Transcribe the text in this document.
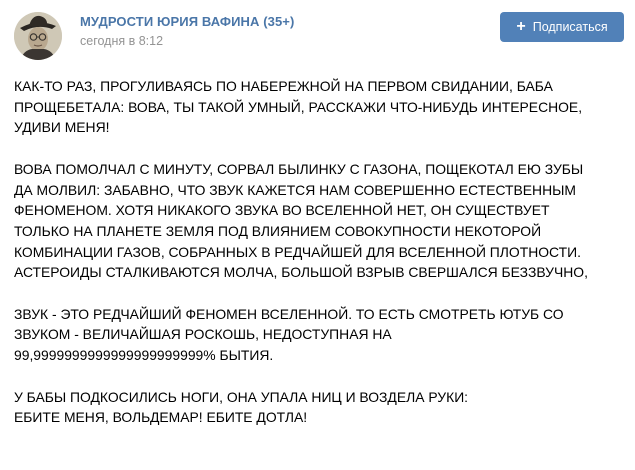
МУДРОСТИ ЮРИЯ ВАФИНА (35+)
сегодня в 8:12
+ Подписаться
КАК-ТО РАЗ, ПРОГУЛИВАЯСЬ ПО НАБЕРЕЖНОЙ НА ПЕРВОМ СВИДАНИИ, БАБА
ПРОЩЕБЕТАЛА: ВОВА, ТЫ ТАКОЙ УМНЫЙ, РАССКАЖИ ЧТО-НИБУДЬ ИНТЕРЕСНОЕ,
УДИВИ МЕНЯ!
ВОВА ПОМОЛЧАЛ С МИНУТУ, СОРВАЛ БЫЛИНКУ С ГАЗОНА, ПОЩЕКОТАЛ ЕЮ ЗУБЫ
ДА МОЛВИЛ: ЗАБАВНО, ЧТО ЗВУК КАЖЕТСЯ НАМ СОВЕРШЕННО ЕСТЕСТВЕННЫМ
ФЕНОМЕНОМ. ХОТЯ НИКАКОГО ЗВУКА ВО ВСЕЛЕННОЙ НЕТ, ОН СУЩЕСТВУЕТ
ТОЛЬКО НА ПЛАНЕТЕ ЗЕМЛЯ ПОД ВЛИЯНИЕМ СОВОКУПНОСТИ НЕКОТОРОЙ
КОМБИНАЦИИ ГАЗОВ, СОБРАННЫХ В РЕДЧАЙШЕЙ ДЛЯ ВСЕЛЕННОЙ ПЛОТНОСТИ.
АСТЕРОИДЫ СТАЛКИВАЮТСЯ МОЛЧА, БОЛЬШОЙ ВЗРЫВ СВЕРШАЛСЯ БЕЗЗВУЧНО,
ЗВУК - ЭТО РЕДЧАЙШИЙ ФЕНОМЕН ВСЕЛЕННОЙ. ТО ЕСТЬ СМОТРЕТЬ ЮТУБ СО
ЗВУКОМ - ВЕЛИЧАЙШАЯ РОСКОШЬ, НЕДОСТУПНАЯ НА
99,9999999999999999999999% БЫТИЯ.
У БАБЫ ПОДКОСИЛИСЬ НОГИ, ОНА УПАЛА НИЦ И ВОЗДЕЛА РУКИ:
ЕБИТЕ МЕНЯ, ВОЛЬДЕМАР! ЕБИТЕ ДОТЛА!
